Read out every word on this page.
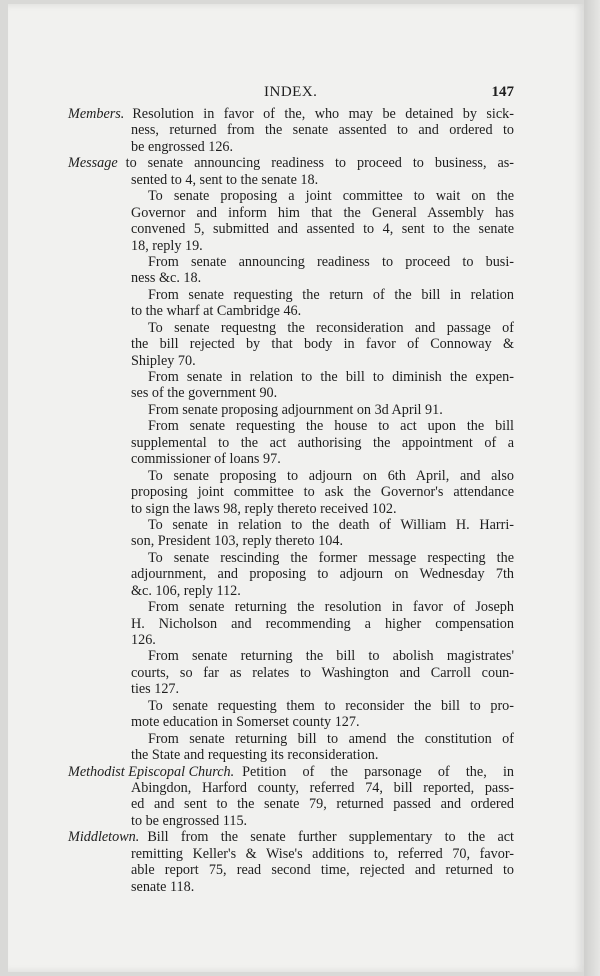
INDEX.	147
Members. Resolution in favor of the, who may be detained by sick-
ness, returned from the senate assented to and ordered to
be engrossed 126.
Message to senate announcing readiness to proceed to business, as-
sented to 4, sent to the senate 18.
To senate proposing a joint committee to wait on the
Governor and inform him that the General Assembly has
convened 5, submitted and assented to 4, sent to the senate
18, reply 19.
From senate announcing readiness to proceed to busi-
ness &c. 18.
From senate requesting the return of the bill in relation
to the wharf at Cambridge 46.
To senate requestng the reconsideration and passage of
the bill rejected by that body in favor of Connoway &
Shipley 70.
From senate in relation to the bill to diminish the expen-
ses of the government 90.
From senate proposing adjournment on 3d April 91.
From senate requesting the house to act upon the bill
supplemental to the act authorising the appointment of a
commissioner of loans 97.
To senate proposing to adjourn on 6th April, and also
proposing joint committee to ask the Governor's attendance
to sign the laws 98, reply thereto received 102.
To senate in relation to the death of William H. Harri-
son, President 103, reply thereto 104.
To senate rescinding the former message respecting the
adjournment, and proposing to adjourn on Wednesday 7th
&c. 106, reply 112.
From senate returning the resolution in favor of Joseph
H. Nicholson and recommending a higher compensation
126.
From senate returning the bill to abolish magistrates'
courts, so far as relates to Washington and Carroll coun-
ties 127.
To senate requesting them to reconsider the bill to pro-
mote education in Somerset county 127.
From senate returning bill to amend the constitution of
the State and requesting its reconsideration.
Methodist Episcopal Church. Petition of the parsonage of the, in
Abingdon, Harford county, referred 74, bill reported, pass-
ed and sent to the senate 79, returned passed and ordered
to be engrossed 115.
Middletown. Bill from the senate further supplementary to the act
remitting Keller's & Wise's additions to, referred 70, favor-
able report 75, read second time, rejected and returned to
senate 118.
